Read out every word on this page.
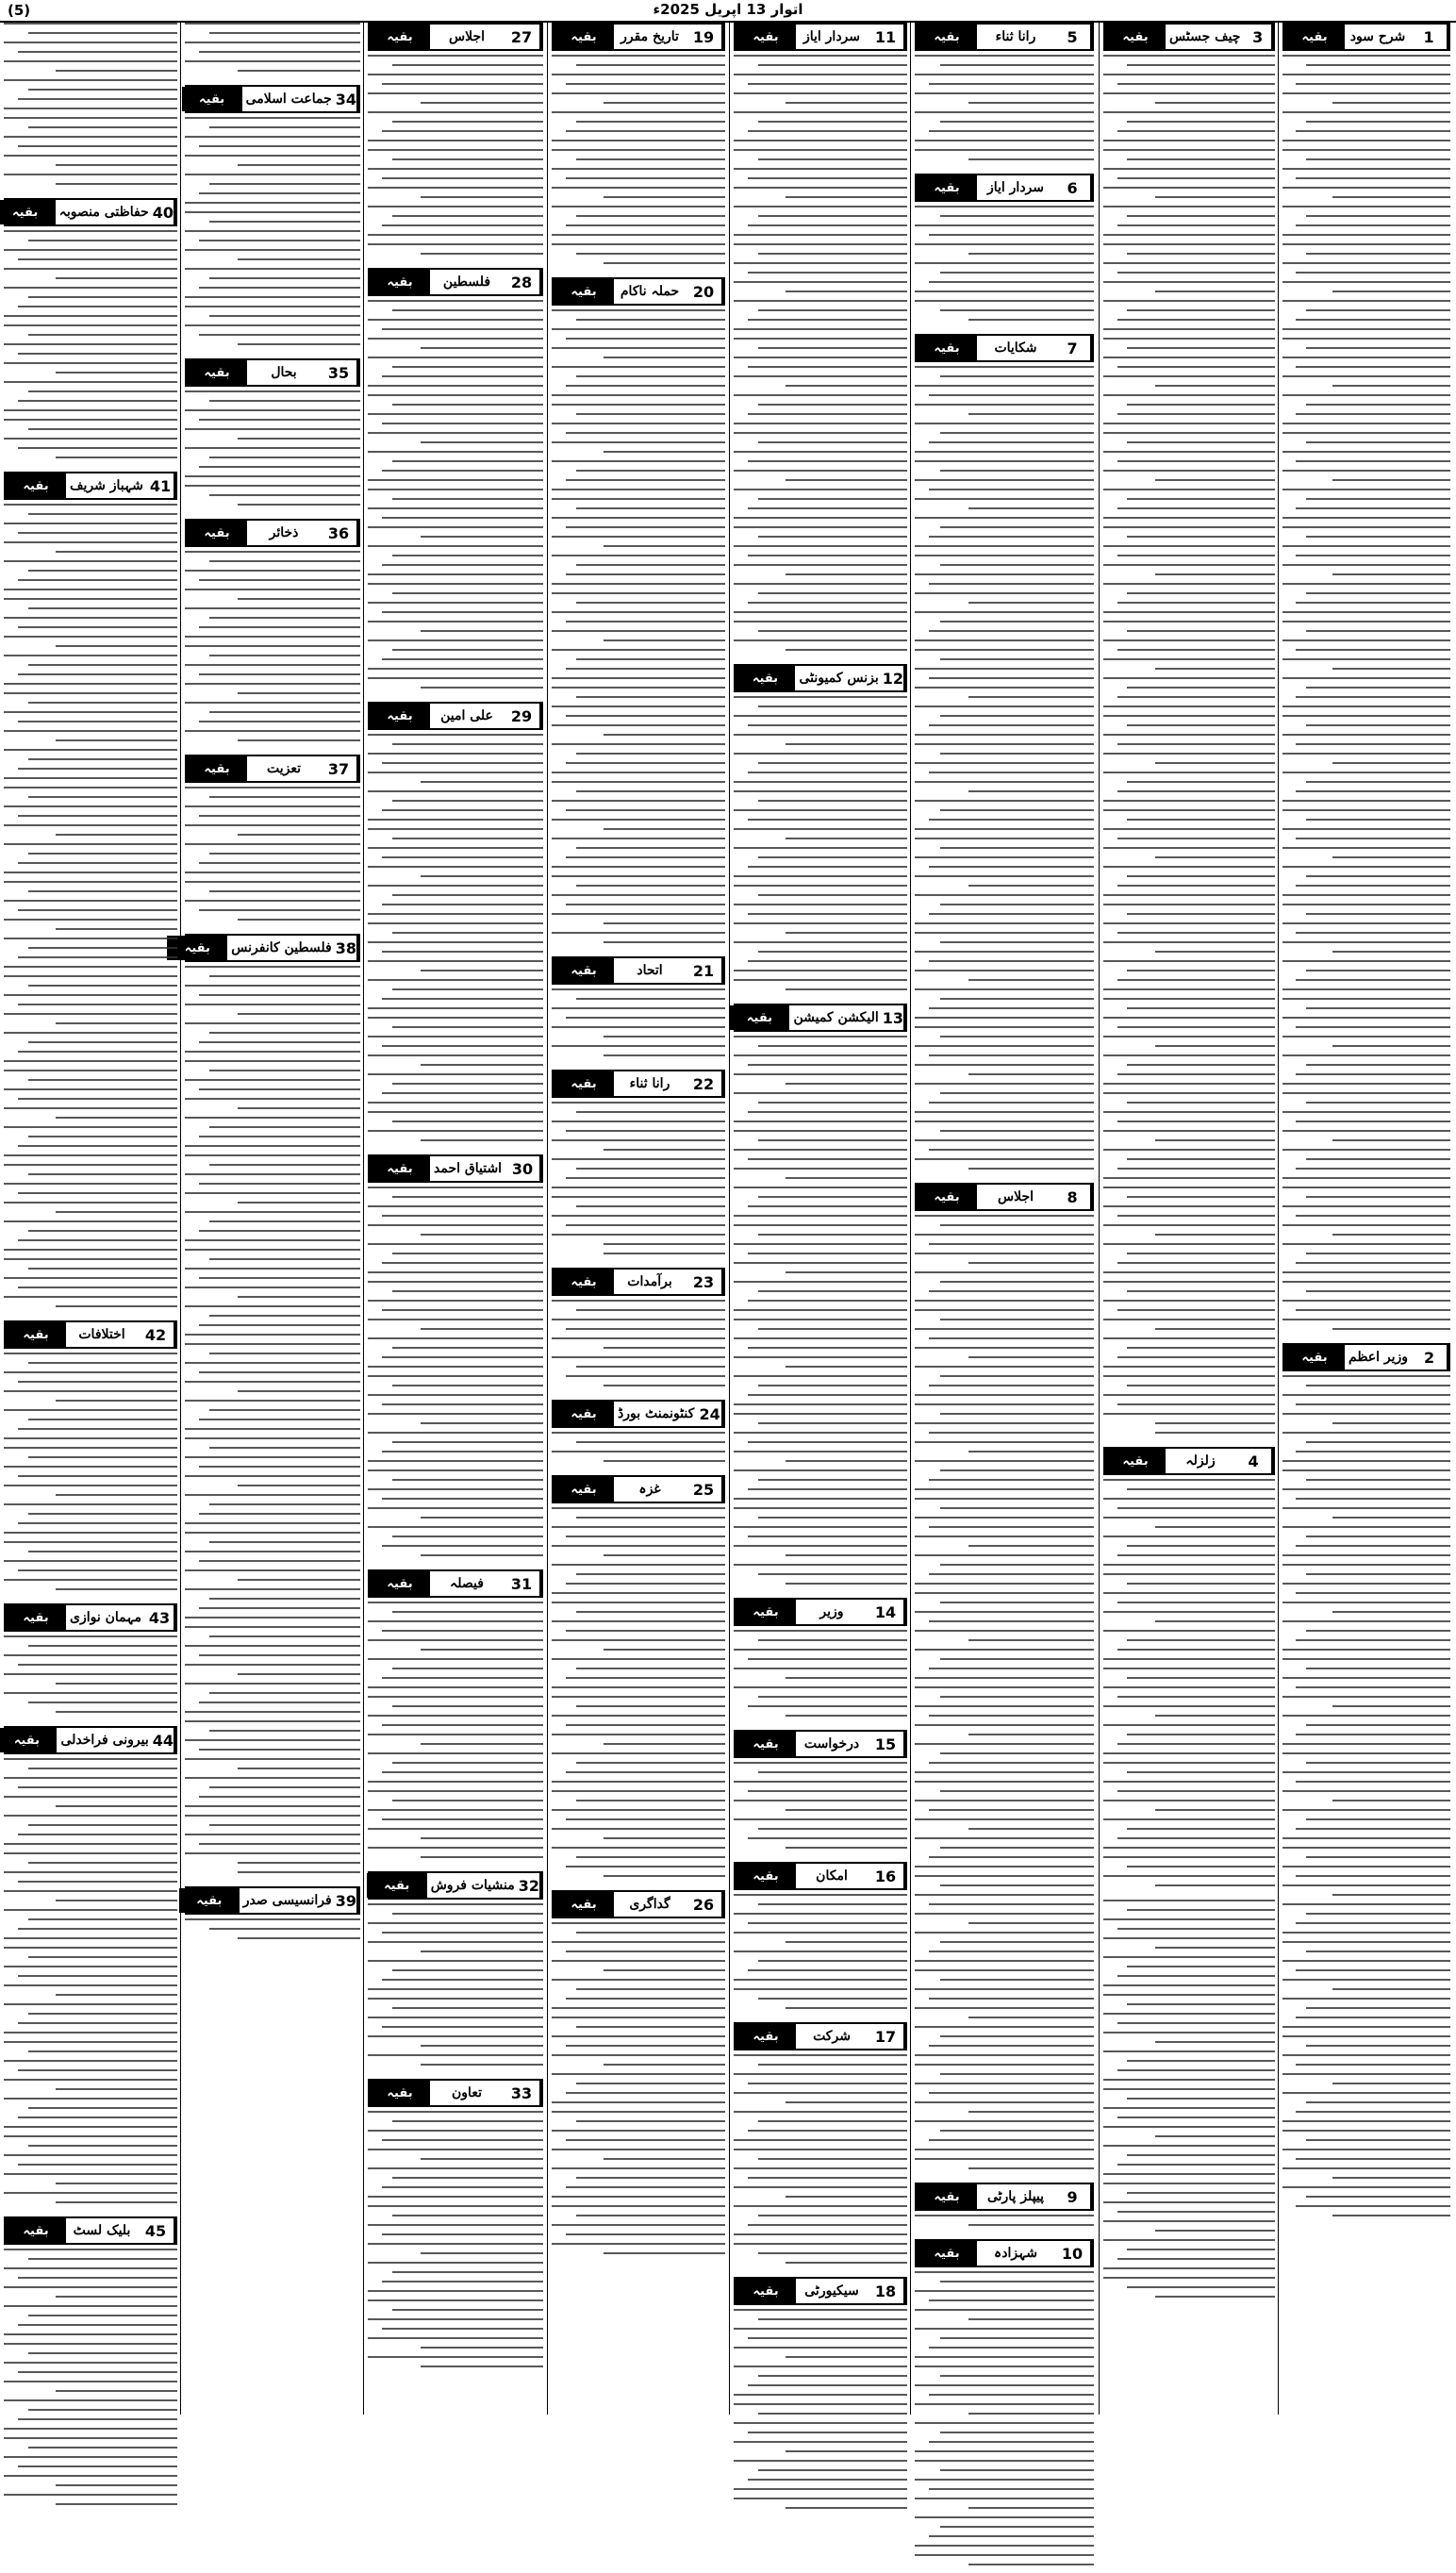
(5)	اتوار 13 اپریل 2025ء
1
شرح سود
بقیہ
2
وزیر اعظم
بقیہ
3
چیف جسٹس
بقیہ
4
زلزلہ
بقیہ
5
رانا ثناء
بقیہ
6
سردار ایاز
بقیہ
7
شکایات
بقیہ
8
اجلاس
بقیہ
9
پیپلز پارٹی
بقیہ
10
شہزادہ
بقیہ
11
سردار ایاز
بقیہ
12
بزنس کمیونٹی
بقیہ
13
الیکشن کمیشن
بقیہ
14
وزیر
بقیہ
15
درخواست
بقیہ
16
امکان
بقیہ
17
شرکت
بقیہ
18
سیکیورٹی
بقیہ
19
تاریخ مقرر
بقیہ
20
حملہ ناکام
بقیہ
21
اتحاد
بقیہ
22
رانا ثناء
بقیہ
23
برآمدات
بقیہ
24
کنٹونمنٹ بورڈ
بقیہ
25
غزہ
بقیہ
26
گداگری
بقیہ
27
اجلاس
بقیہ
28
فلسطین
بقیہ
29
علی امین
بقیہ
30
اشتیاق احمد
بقیہ
31
فیصلہ
بقیہ
32
منشیات فروش
بقیہ
33
تعاون
بقیہ
34
جماعت اسلامی
بقیہ
35
بحال
بقیہ
36
ذخائر
بقیہ
37
تعزیت
بقیہ
38
فلسطین کانفرنس
بقیہ
39
فرانسیسی صدر
بقیہ
40
حفاظتی منصوبہ
بقیہ
41
شہباز شریف
بقیہ
42
اختلافات
بقیہ
43
مہمان نوازی
بقیہ
44
بیرونی فراخدلی
بقیہ
45
بلیک لسٹ
بقیہ
